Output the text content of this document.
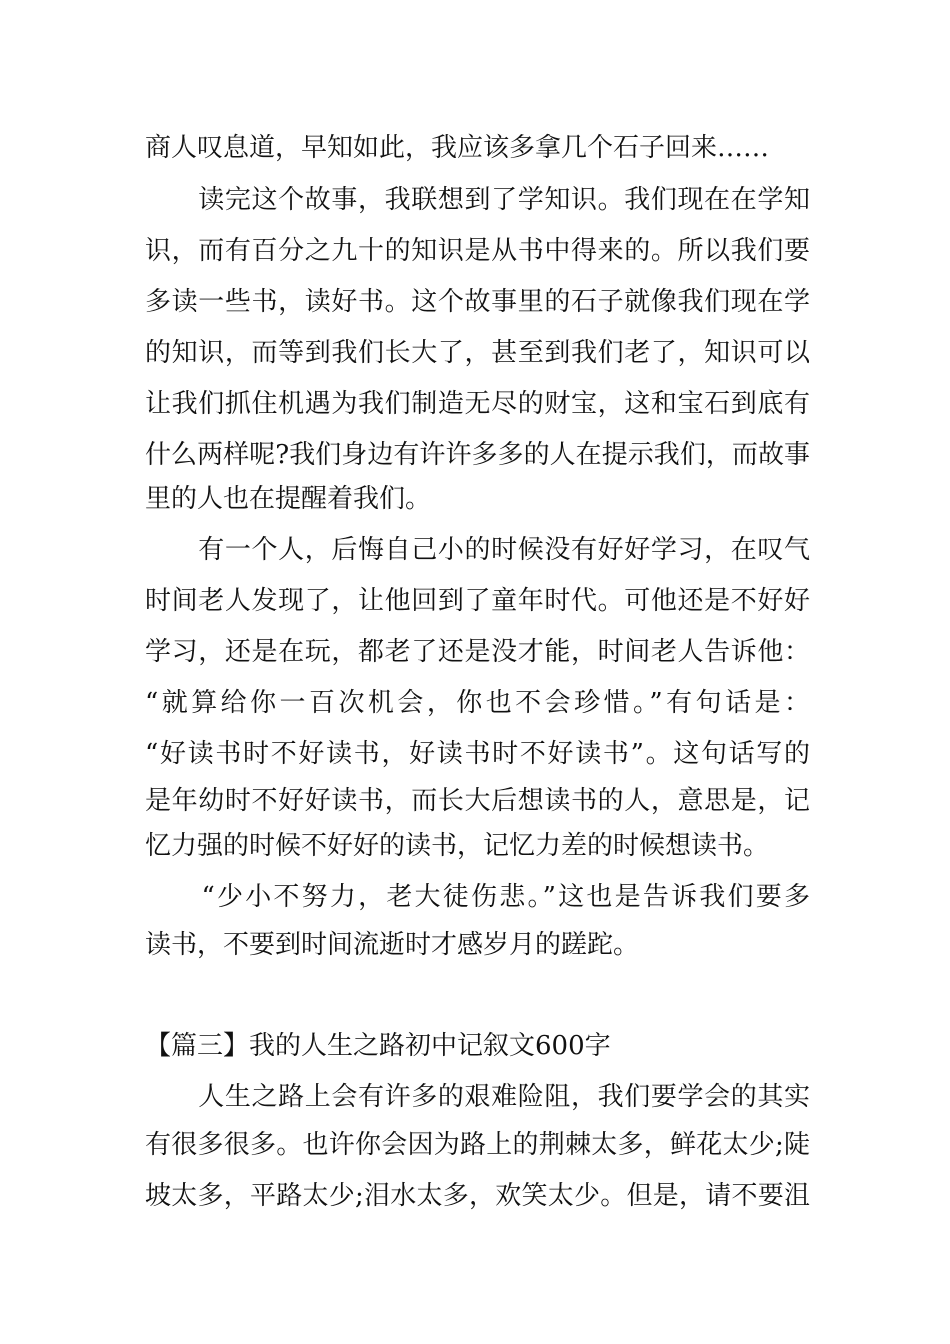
商人叹息道，早知如此，我应该多拿几个石子回来……
　　读完这个故事，我联想到了学知识。我们现在在学知
识，而有百分之九十的知识是从书中得来的。所以我们要
多读一些书，读好书。这个故事里的石子就像我们现在学
的知识，而等到我们长大了，甚至到我们老了，知识可以
让我们抓住机遇为我们制造无尽的财宝，这和宝石到底有
什么两样呢?我们身边有许许多多的人在提示我们，而故事
里的人也在提醒着我们。
　　有一个人，后悔自己小的时候没有好好学习，在叹气
时间老人发现了，让他回到了童年时代。可他还是不好好
学习，还是在玩，都老了还是没才能，时间老人告诉他：
“就算给你一百次机会，你也不会珍惜。”有句话是：
“好读书时不好读书，好读书时不好读书”。这句话写的
是年幼时不好好读书，而长大后想读书的人，意思是，记
忆力强的时候不好好的读书，记忆力差的时候想读书。
　　“少小不努力，老大徒伤悲。”这也是告诉我们要多
读书，不要到时间流逝时才感岁月的蹉跎。
【篇三】我的人生之路初中记叙文600字
　　人生之路上会有许多的艰难险阻，我们要学会的其实
有很多很多。也许你会因为路上的荆棘太多，鲜花太少;陡
坡太多，平路太少;泪水太多，欢笑太少。但是，请不要沮
